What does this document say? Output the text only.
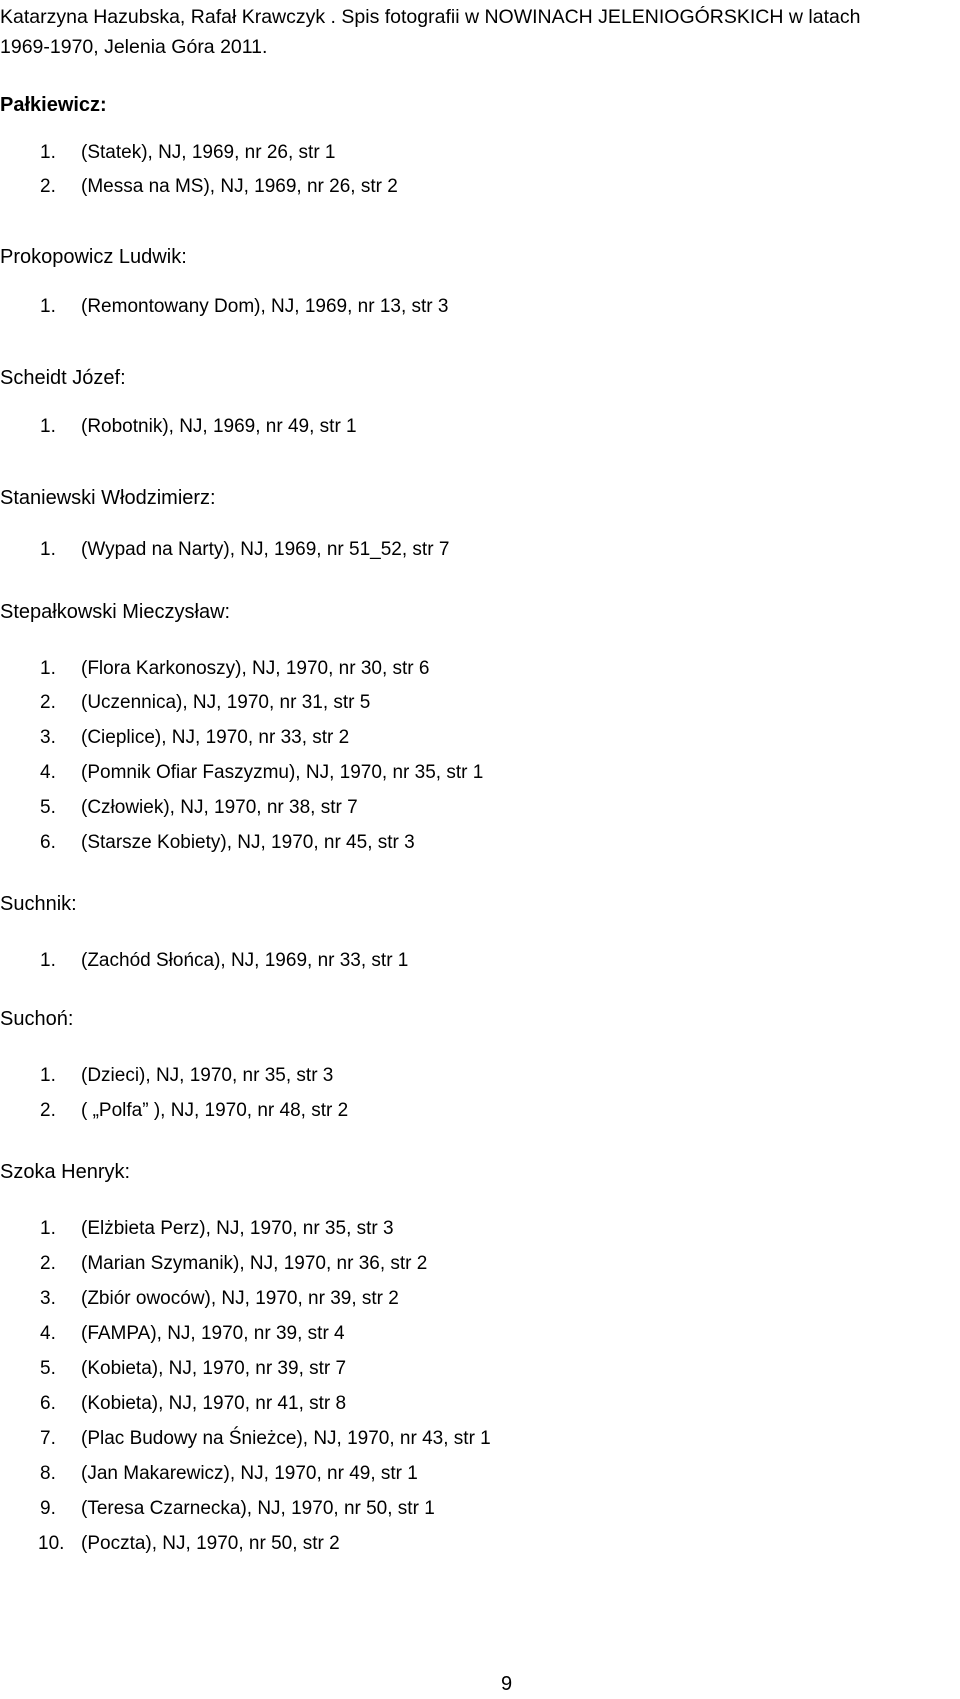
Katarzyna Hazubska, Rafał Krawczyk . Spis fotografii w NOWINACH JELENIOGÓRSKICH w latach
1969-1970, Jelenia Góra 2011.
Pałkiewicz:
1. (Statek), NJ, 1969, nr 26, str 1
2. (Messa na MS), NJ, 1969, nr 26, str 2
Prokopowicz Ludwik:
1. (Remontowany Dom), NJ, 1969, nr 13, str 3
Scheidt Józef:
1. (Robotnik), NJ, 1969, nr 49, str 1
Staniewski Włodzimierz:
1. (Wypad na Narty), NJ, 1969, nr 51_52, str 7
Stepałkowski Mieczysław:
1. (Flora Karkonoszy), NJ, 1970, nr 30, str 6
2. (Uczennica), NJ, 1970, nr 31, str 5
3. (Cieplice), NJ, 1970, nr 33, str 2
4. (Pomnik Ofiar Faszyzmu), NJ, 1970, nr 35, str 1
5. (Człowiek), NJ, 1970, nr 38, str 7
6. (Starsze Kobiety), NJ, 1970, nr 45, str 3
Suchnik:
1. (Zachód Słońca), NJ, 1969, nr 33, str 1
Suchoń:
1. (Dzieci), NJ, 1970, nr 35, str 3
2. ( „Polfa” ), NJ, 1970, nr 48, str 2
Szoka Henryk:
1. (Elżbieta Perz), NJ, 1970, nr 35, str 3
2. (Marian Szymanik), NJ, 1970, nr 36, str 2
3. (Zbiór owoców), NJ, 1970, nr 39, str 2
4. (FAMPA), NJ, 1970, nr 39, str 4
5. (Kobieta), NJ, 1970, nr 39, str 7
6. (Kobieta), NJ, 1970, nr 41, str 8
7. (Plac Budowy na Śnieżce), NJ, 1970, nr 43, str 1
8. (Jan Makarewicz), NJ, 1970, nr 49, str 1
9. (Teresa Czarnecka), NJ, 1970, nr 50, str 1
10. (Poczta), NJ, 1970, nr 50, str 2
9
